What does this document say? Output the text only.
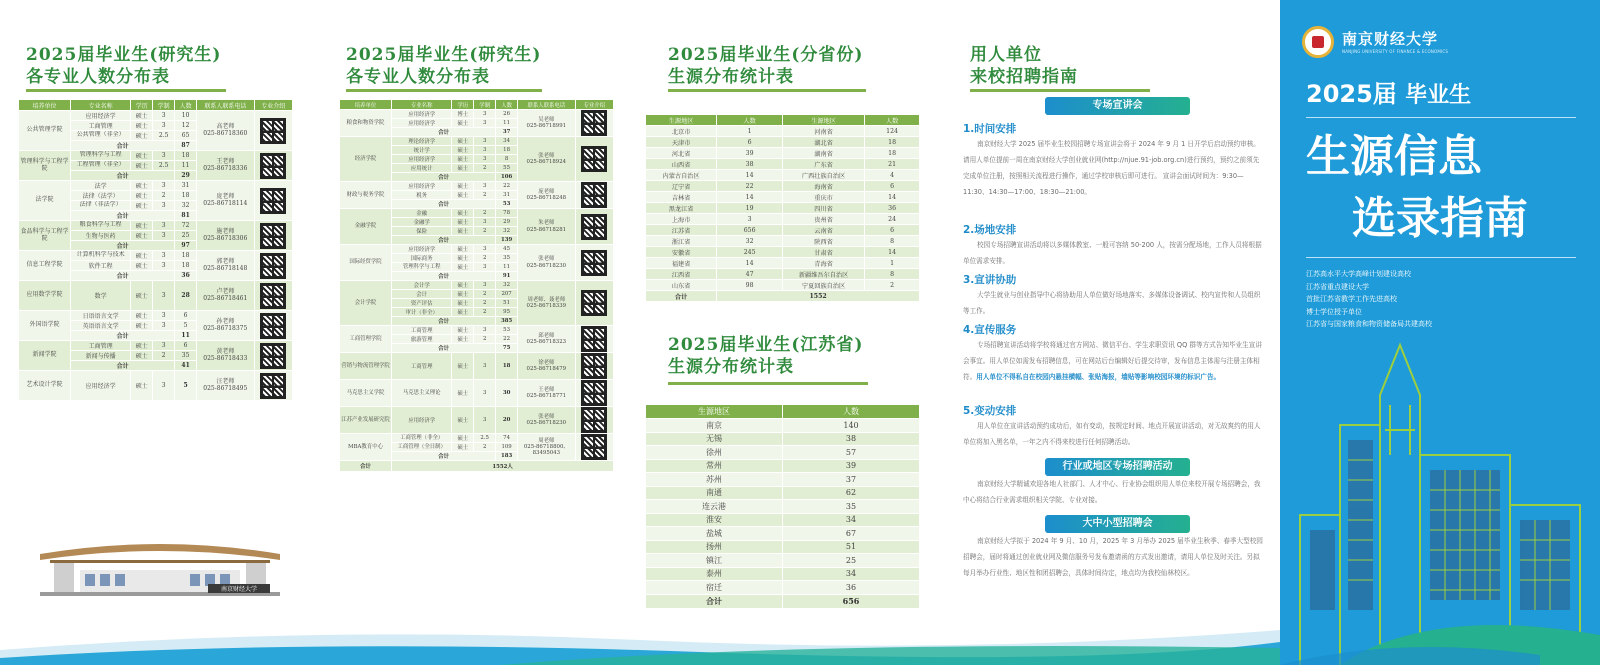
2025届毕业生(研究生)
各专业人数分布表
培养单位	专业名称	学历	学制	人数	联系人联系电话	专业介绍
公共管理学院	应用经济学	硕士	3	10	高老师
025-86718360	
	工商管理	硕士	3	12		
	公共管理（非全）	硕士	2.5	65		
	合计			87		
管理科学与工程学院	管理科学与工程	硕士	3	18	王老师
025-86718336	
	工程管理（非全）	硕士	2.5	11		
	合计			29		
法学院	法学	硕士	3	31	庞老师
025-86718114	
	法律（法学）	硕士	2	18		
	法律（非法学）	硕士	3	32		
	合计			81		
食品科学与工程学院	粮食科学与工程	硕士	3	72	施老师
025-86718306	
	生物与医药	硕士	3	25		
	合计			97		
信息工程学院	计算机科学与技术	硕士	3	18	郭老师
025-86718148	
	软件工程	硕士	3	18		
	合计			36		
应用数学学院	数学	硕士	3	28	卢老师
025-86718461	
外国语学院	日语语言文学	硕士	3	6	孙老师
025-86718375	
	英语语言文学	硕士	3	5		
	合计			11		
新闻学院	工商管理	硕士	3	6	黄老师
025-86718433	
	新闻与传播	硕士	2	35		
	合计			41		
艺术设计学院	应用经济学	硕士	3	5	汪老师
025-86718495	
南京财经大学
2025届毕业生(研究生)
各专业人数分布表
培养单位	专业名称	学历	学制	人数	联系人联系电话	专业介绍
粮食和物资学院	应用经济学	博士	3	26	吴老师
025-86718991	
	应用经济学	硕士	3	11		
	合计			37		
经济学院	理论经济学	硕士	3	34	张老师
025-86718924	
	统计学	硕士	3	18		
	应用经济学	硕士	3	8		
	应用统计	硕士	2	55		
	合计			106		
财政与税务学院	应用经济学	硕士	3	22	庞老师
025-86718248	
	税务	硕士	2	31		
	合计			53		
金融学院	金融	硕士	2	78	朱老师
025-86718281	
	金融学	硕士	3	29		
	保险	硕士	2	32		
	合计			139		
国际经贸学院	应用经济学	硕士	3	45	张老师
025-86718230	
	国际商务	硕士	2	35		
	管理科学与工程	硕士	3	11		
	合计			91		
会计学院	会计学	硕士	3	32	周老师、聂老师
025-86718339	
	会计	硕士	2	207		
	资产评估	硕士	2	51		
	审计（非全）	硕士	2	95		
	合计			385		
工商管理学院	工商管理	硕士	3	53	邱老师
025-86718323	
	旅游管理	硕士	2	22		
	合计			75		
营销与物流管理学院	工商管理	硕士	3	18	徐老师
025-86718479	
马克思主义学院	马克思主义理论	硕士	3	30	王老师
025-86718771	
江苏产业发展研究院	应用经济学	硕士	3	20	张老师
025-86718230	
MBA教育中心	工商管理（非全）	硕士	2.5	74	周老师
025-86718800、83495043	
	工商管理（全日制）	硕士	2	109		
	合计			183		
合计	1552人					
2025届毕业生(分省份)
生源分布统计表
生源地区	人数	生源地区	人数
北京市	1	河南省	124
天津市	6	湖北省	18
河北省	39	湖南省	18
山西省	38	广东省	21
内蒙古自治区	14	广西壮族自治区	4
辽宁省	22	海南省	6
吉林省	14	重庆市	14
黑龙江省	19	四川省	36
上海市	3	贵州省	24
江苏省	656	云南省	6
浙江省	32	陕西省	8
安徽省	245	甘肃省	14
福建省	14	青海省	1
江西省	47	新疆维吾尔自治区	8
山东省	98	宁夏回族自治区	2
合计	1552		
2025届毕业生(江苏省)
生源分布统计表
生源地区	人数
南京	140
无锡	38
徐州	57
常州	39
苏州	37
南通	62
连云港	35
淮安	34
盐城	67
扬州	51
镇江	25
泰州	34
宿迁	36
合计	656
用人单位
来校招聘指南
专场宣讲会
1.时间安排
南京财经大学 2025 届毕业生校园招聘专场宣讲会将于 2024 年 9 月 1 日开学后启动预约审核。请用人单位提前一周在南京财经大学创业就业网(http://njue.91-job.org.cn)进行预约，预约之前须先完成单位注册，按照相关流程进行操作，通过学校审核后即可进行。 宣讲会面试时间为：9:30—11:30、14:30—17:00、18:30—21:00。
2.场地安排
校园专场招聘宣讲活动将以多媒体教室、一般可容纳 50-200 人，按需分配场地，工作人员将根据单位需求安排。
3.宣讲协助
大学生就业与创业指导中心将协助用人单位做好场地落实、多媒体设备调试、校内宣传和人员组织等工作。
4.宣传服务
专场招聘宣讲活动将学校将通过官方网站、微信平台、学生求职资讯 QQ 群等方式告知毕业生宣讲会事宜。用人单位如需发布招聘信息，可在网站后台编辑好后提交待审，发布信息主体需与注册主体相符。用人单位不得私自在校园内悬挂横幅、张贴海报，墙贴等影响校园环境的标识广告。
5.变动安排
用人单位在宣讲活动预约成功后，如有变动，按规定时间、地点开展宣讲活动，对无故爽约的用人单位将加入黑名单，一年之内不得来校进行任何招聘活动。
行业或地区专场招聘活动
南京财经大学精诚欢迎各地人社部门、人才中心、行业协会组织用人单位来校开展专场招聘会，我中心将结合行业需求组织相关学院、专业对接。
大中小型招聘会
南京财经大学拟于 2024 年 9 月、10 月，2025 年 3 月举办 2025 届毕业生秋季、春季大型校园招聘会，届时将通过创业就业网及微信服务号发布邀请函的方式发出邀请，请用人单位及时关注。另拟每月举办行业性、地区性和团招聘会，具体时间待定，地点均为我校仙林校区。
南京财经大学
NANJING UNIVERSITY OF FINANCE & ECONOMICS
2025届 毕业生
生源信息
选录指南
江苏高水平大学高峰计划建设高校
江苏省重点建设大学
首批江苏省教学工作先进高校
博士学位授予单位
江苏省与国家粮食和物资储备局共建高校
